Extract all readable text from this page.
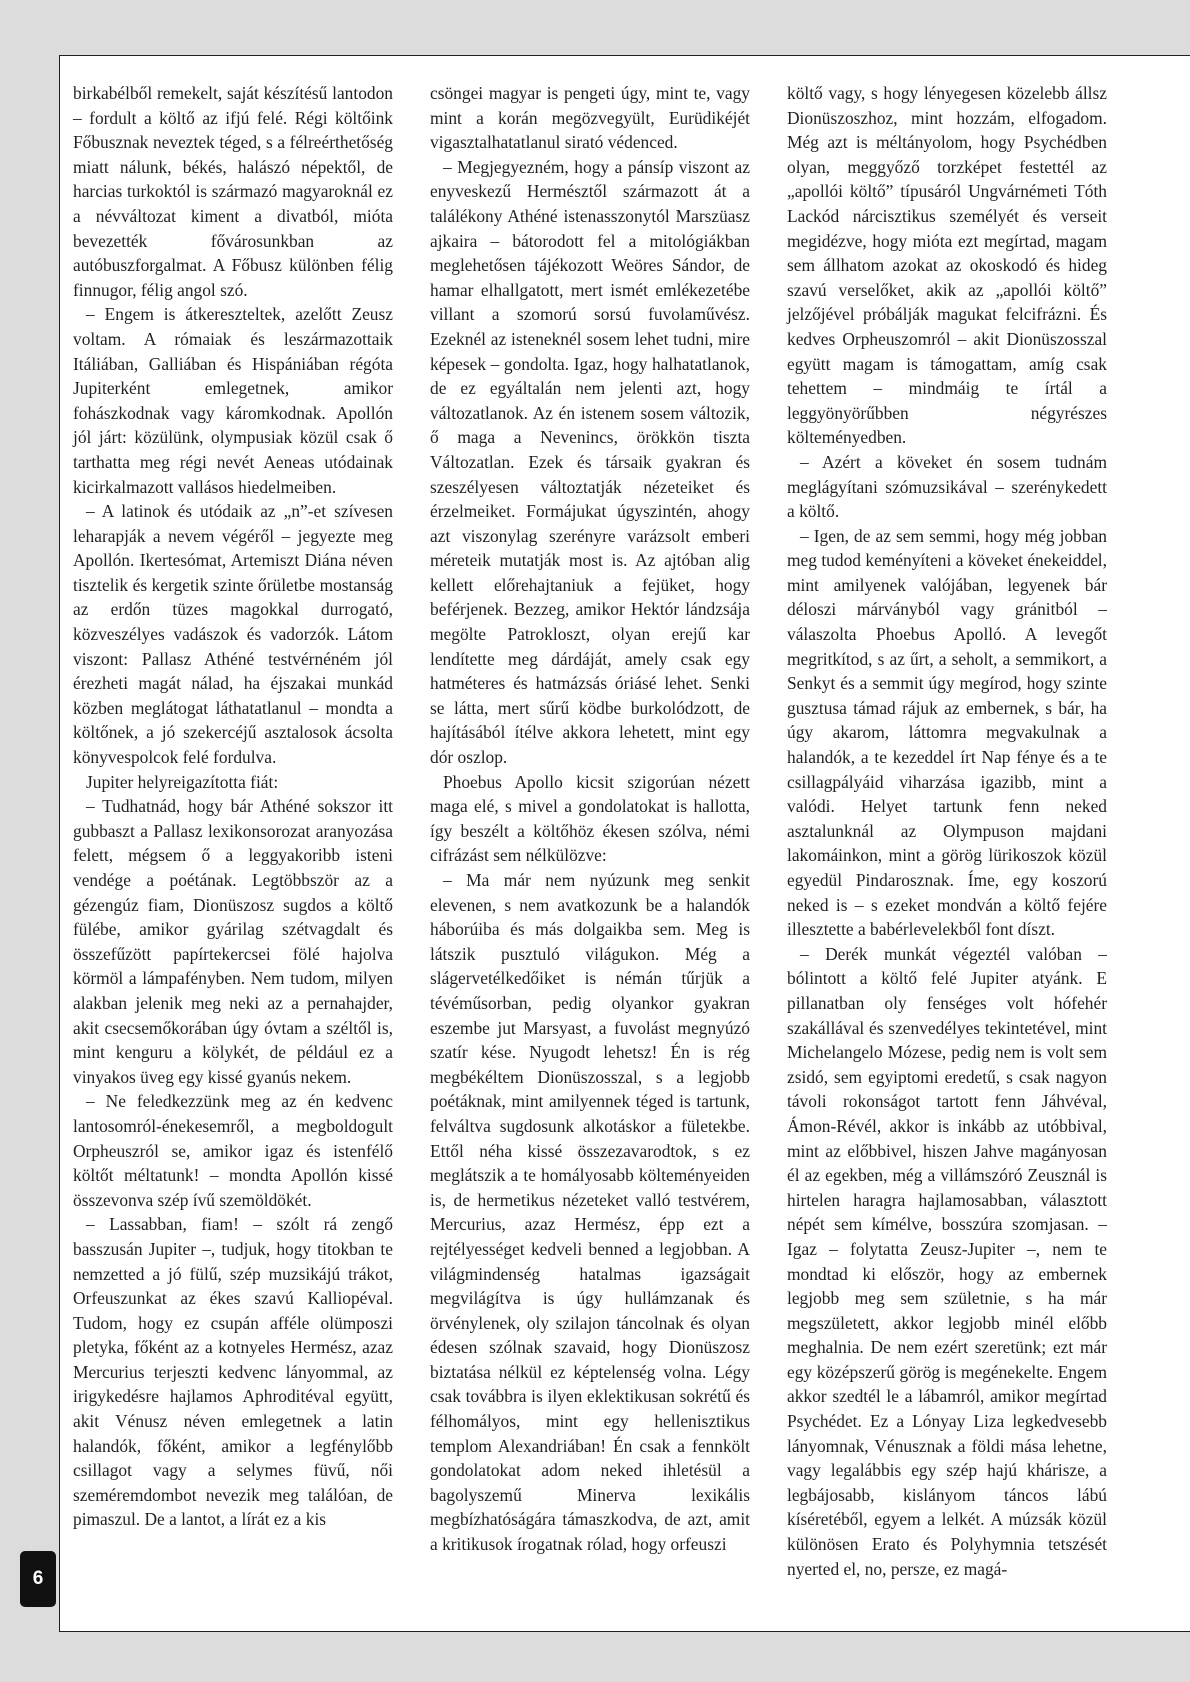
birkabélből remekelt, saját készítésű lantodon – fordult a költő az ifjú felé. Régi költőink Főbusznak neveztek téged, s a félreérthetőség miatt nálunk, békés, halászó népektől, de harcias turkoktól is származó magyaroknál ez a névváltozat kiment a divatból, mióta bevezették fővárosunkban az autóbuszforgalmat. A Főbusz különben félig finnugor, félig angol szó.

– Engem is átkereszteltek, azelőtt Zeusz voltam. A rómaiak és leszármazottaik Itáliában, Galliában és Hispániában régóta Jupiterként emlegetnek, amikor fohászkodnak vagy káromkodnak. Apollón jól járt: közülünk, olympusiak közül csak ő tarthatta meg régi nevét Aeneas utódainak kicirkalmazott vallásos hiedelmeiben.

– A latinok és utódaik az „n”-et szívesen leharapják a nevem végéről – jegyezte meg Apollón. Ikertesómat, Artemiszt Diána néven tisztelik és kergetik szinte őrületbe mostanság az erdőn tüzes magokkal durrogató, közveszélyes vadászok és vadorzók. Látom viszont: Pallasz Athéné testvérnéném jól érezheti magát nálad, ha éjszakai munkád közben meglátogat láthatatlanul – mondta a költőnek, a jó szekercéjű asztalosok ácsolta könyvespolcok felé fordulva.

Jupiter helyreigazította fiát:

– Tudhatnád, hogy bár Athéné sokszor itt gubbaszt a Pallasz lexikonsorozat aranyozása felett, mégsem ő a leggyakoribb isteni vendége a poétának. Legtöbbször az a gézengúz fiam, Dionüszosz sugdos a költő fülébe, amikor gyárilag szétvagdalt és összefűzött papírtekercsei fölé hajolva körmöl a lámpafényben. Nem tudom, milyen alakban jelenik meg neki az a pernahajder, akit csecsemőkorában úgy óvtam a széltől is, mint kenguru a kölykét, de például ez a vinyakos üveg egy kissé gyanús nekem.

– Ne feledkezzünk meg az én kedvenc lantosomról-énekesemről, a megboldogult Orpheuszról se, amikor igaz és istenfélő költőt méltatunk! – mondta Apollón kissé összevonva szép ívű szemöldökét.

– Lassabban, fiam! – szólt rá zengő basszusán Jupiter –, tudjuk, hogy titokban te nemzetted a jó fülű, szép muzsikájú trákot, Orfeuszunkat az ékes szavú Kalliopéval. Tudom, hogy ez csupán afféle olümposzi pletyka, főként az a kotnyeles Hermész, azaz Mercurius terjeszti kedvenc lányommal, az irigykedésre hajlamos Aphroditéval együtt, akit Vénusz néven emlegetnek a latin halandók, főként, amikor a legfénylőbb csillagot vagy a selymes füvű, női szeméremdombot nevezik meg találóan, de pimaszul. De a lantot, a lírát ez a kis

csöngei magyar is pengeti úgy, mint te, vagy mint a korán megözvegyült, Eurüdikéjét vigasztalhatatlanul sirató védenced.

– Megjegyezném, hogy a pánsíp viszont az enyveskezű Hermésztől származott át a találékony Athéné istenasszonytól Marszüasz ajkaira – bátorodott fel a mitológiákban meglehetősen tájékozott Weöres Sándor, de hamar elhallgatott, mert ismét emlékezetébe villant a szomorú sorsú fuvolaművész. Ezeknél az isteneknél sosem lehet tudni, mire képesek – gondolta. Igaz, hogy halhatatlanok, de ez egyáltalán nem jelenti azt, hogy változatlanok. Az én istenem sosem változik, ő maga a Nevenincs, örökkön tiszta Változatlan. Ezek és társaik gyakran és szeszélyesen változtatják nézeteiket és érzelmeiket. Formájukat úgyszintén, ahogy azt viszonylag szerényre varázsolt emberi méreteik mutatják most is. Az ajtóban alig kellett előrehajtaniuk a fejüket, hogy beférjenek. Bezzeg, amikor Hektór lándzsája megölte Patrokloszt, olyan erejű kar lendítette meg dárdáját, amely csak egy hatméteres és hatmázsás óriásé lehet. Senki se látta, mert sűrű ködbe burkolódzott, de hajításából ítélve akkora lehetett, mint egy dór oszlop.

Phoebus Apollo kicsit szigorúan nézett maga elé, s mivel a gondolatokat is hallotta, így beszélt a költőhöz ékesen szólva, némi cifrázást sem nélkülözve:

– Ma már nem nyúzunk meg senkit elevenen, s nem avatkozunk be a halandók háborúiba és más dolgaikba sem. Meg is látszik pusztuló világukon. Még a slágervetélkedőiket is némán tűrjük a tévéműsorban, pedig olyankor gyakran eszembe jut Marsyast, a fuvolást megnyúzó szatír kése. Nyugodt lehetsz! Én is rég megbékéltem Dionüszosszal, s a legjobb poétáknak, mint amilyennek téged is tartunk, felváltva sugdosunk alkotáskor a fületekbe. Ettől néha kissé összezavarodtok, s ez meglátszik a te homályosabb költeményeiden is, de hermetikus nézeteket valló testvérem, Mercurius, azaz Hermész, épp ezt a rejtélyességet kedveli benned a legjobban. A világmindenség hatalmas igazságait megvilágítva is úgy hullámzanak és örvénylenek, oly szilajon táncolnak és olyan édesen szólnak szavaid, hogy Dionüszosz biztatása nélkül ez képtelenség volna. Légy csak továbbra is ilyen eklektikusan sokrétű és félhomályos, mint egy hellenisztikus templom Alexandriában! Én csak a fennkölt gondolatokat adom neked ihletésül a bagolyszemű Minerva lexikális megbízhatóságára támaszkodva, de azt, amit a kritikusok írogatnak rólad, hogy orfeuszi

költő vagy, s hogy lényegesen közelebb állsz Dionüszoszhoz, mint hozzám, elfogadom. Még azt is méltányolom, hogy Psychédben olyan, meggyőző torzképet festettél az „apollói költő” típusáról Ungvárnémeti Tóth Lackód nárcisztikus személyét és verseit megidézve, hogy mióta ezt megírtad, magam sem állhatom azokat az okoskodó és hideg szavú verselőket, akik az „apollói költő” jelzőjével próbálják magukat felcifrázni. És kedves Orpheuszomról – akit Dionüszosszal együtt magam is támogattam, amíg csak tehettem – mindmáig te írtál a leggyönyörűbben négyrészes költeményedben.

– Azért a köveket én sosem tudnám meglágyítani szómuzsikával – szerénykedett a költő.

– Igen, de az sem semmi, hogy még jobban meg tudod keményíteni a köveket énekeiddel, mint amilyenek valójában, legyenek bár déloszi márványból vagy gránitból – válaszolta Phoebus Apolló. A levegőt megritkítod, s az űrt, a seholt, a semmikort, a Senkyt és a semmit úgy megírod, hogy szinte gusztusa támad rájuk az embernek, s bár, ha úgy akarom, láttomra megvakulnak a halandók, a te kezeddel írt Nap fénye és a te csillagpályáid viharzása igazibb, mint a valódi. Helyet tartunk fenn neked asztalunknál az Olympuson majdani lakomáinkon, mint a görög lürikoszok közül egyedül Pindarosznak. Íme, egy koszorú neked is – s ezeket mondván a költő fejére illesztette a babérlevelekből font díszt.

– Derék munkát végeztél valóban – bólintott a költő felé Jupiter atyánk. E pillanatban oly fenséges volt hófehér szakállával és szenvedélyes tekintetével, mint Michelangelo Mózese, pedig nem is volt sem zsidó, sem egyiptomi eredetű, s csak nagyon távoli rokonságot tartott fenn Jáhvéval, Ámon-Révél, akkor is inkább az utóbbival, mint az előbbivel, hiszen Jahve magányosan él az egekben, még a villámszóró Zeusznál is hirtelen haragra hajlamosabban, választott népét sem kímélve, bosszúra szomjasan. – Igaz – folytatta Zeusz-Jupiter –, nem te mondtad ki először, hogy az embernek legjobb meg sem születnie, s ha már megszületett, akkor legjobb minél előbb meghalnia. De nem ezért szeretünk; ezt már egy középszerű görög is megénekelte. Engem akkor szedtél le a lábamról, amikor megírtad Psychédet. Ez a Lónyay Liza legkedvesebb lányomnak, Vénusznak a földi mása lehetne, vagy legalábbis egy szép hajú khárisze, a legbájosabb, kislányom táncos lábú kíséretéből, egyem a lelkét. A múzsák közül különösen Erato és Polyhymnia tetszését nyerted el, no, persze, ez magá-

6
